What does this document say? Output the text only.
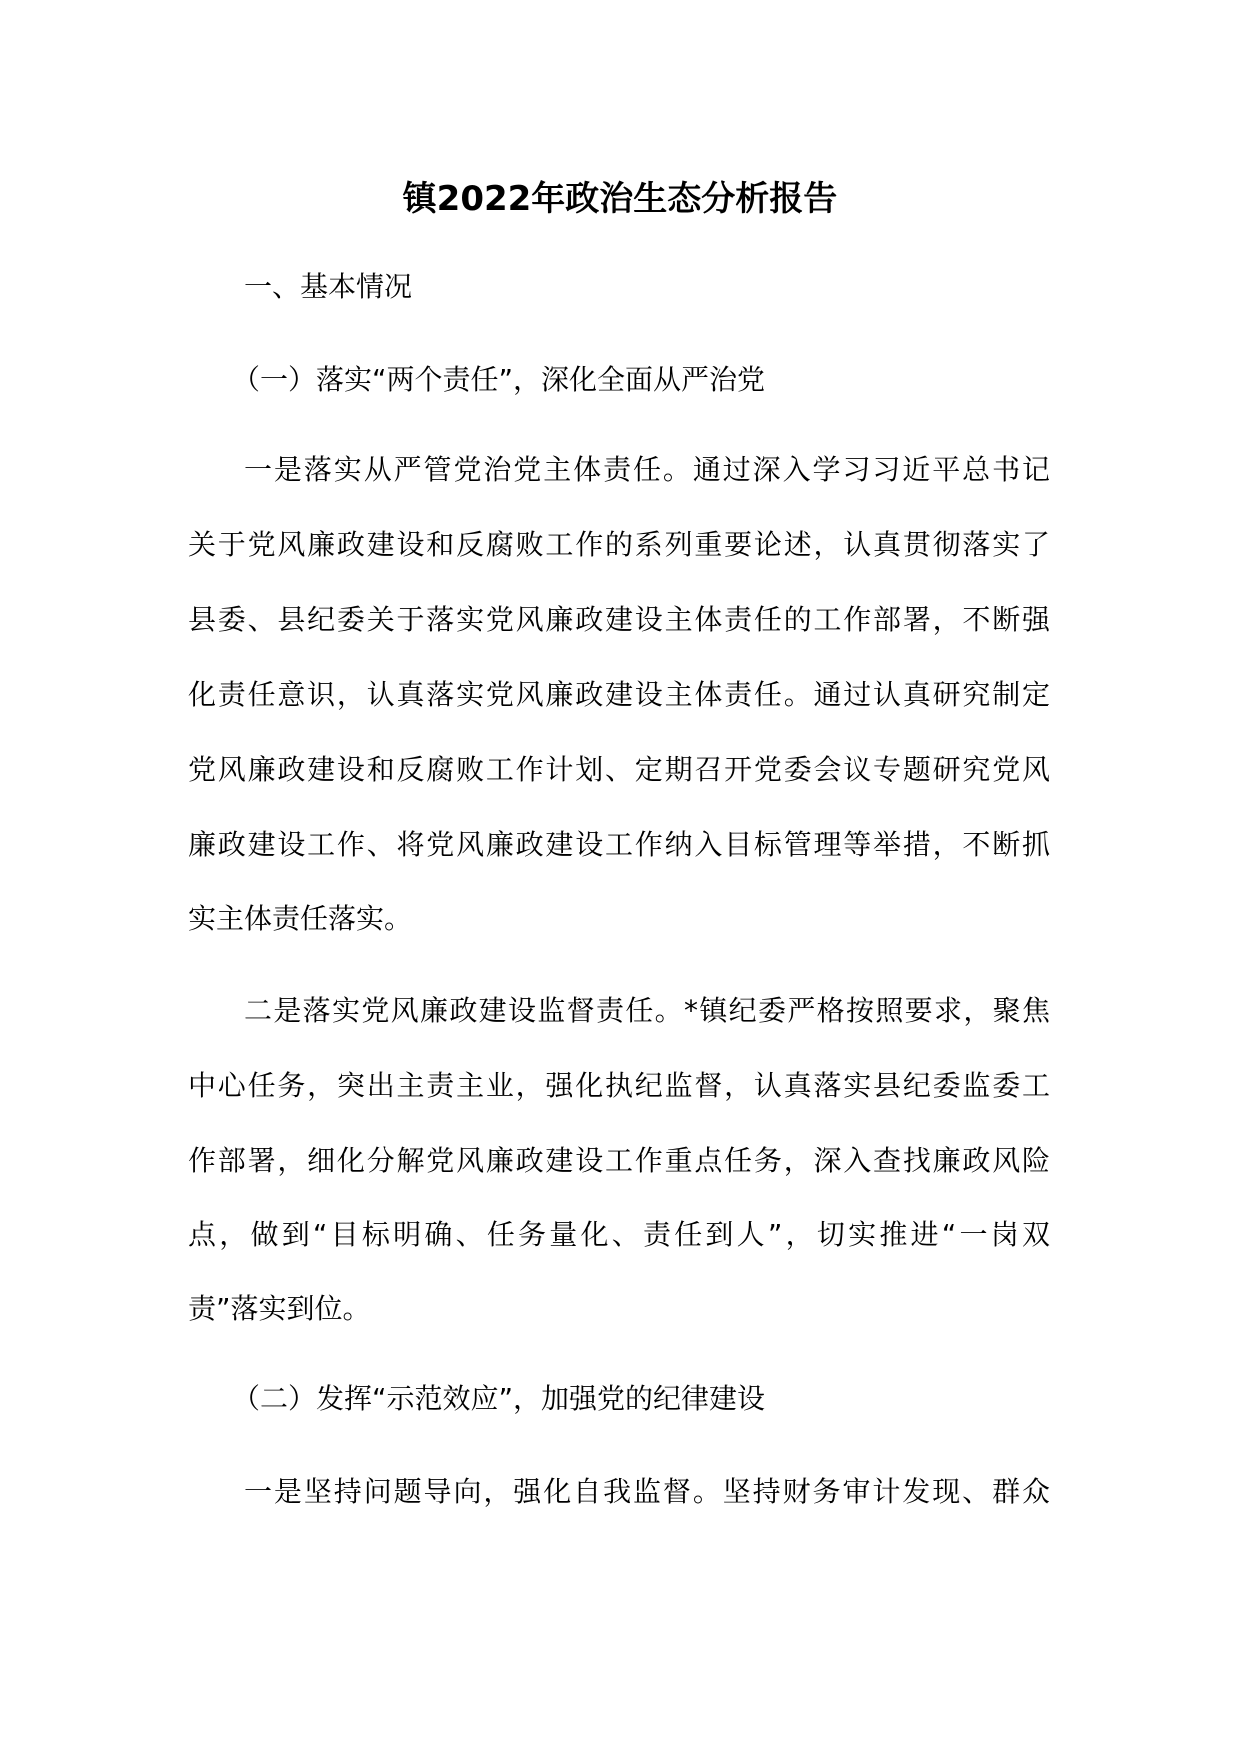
镇2022年政治生态分析报告
一、基本情况
（一）落实“两个责任”，深化全面从严治党
一是落实从严管党治党主体责任。通过深入学习习近平总书记
关于党风廉政建设和反腐败工作的系列重要论述，认真贯彻落实了
县委、县纪委关于落实党风廉政建设主体责任的工作部署，不断强
化责任意识，认真落实党风廉政建设主体责任。通过认真研究制定
党风廉政建设和反腐败工作计划、定期召开党委会议专题研究党风
廉政建设工作、将党风廉政建设工作纳入目标管理等举措，不断抓
实主体责任落实。
二是落实党风廉政建设监督责任。*镇纪委严格按照要求，聚焦
中心任务，突出主责主业，强化执纪监督，认真落实县纪委监委工
作部署，细化分解党风廉政建设工作重点任务，深入查找廉政风险
点，做到“目标明确、任务量化、责任到人”，切实推进“一岗双
责”落实到位。
（二）发挥“示范效应”，加强党的纪律建设
一是坚持问题导向，强化自我监督。坚持财务审计发现、群众
